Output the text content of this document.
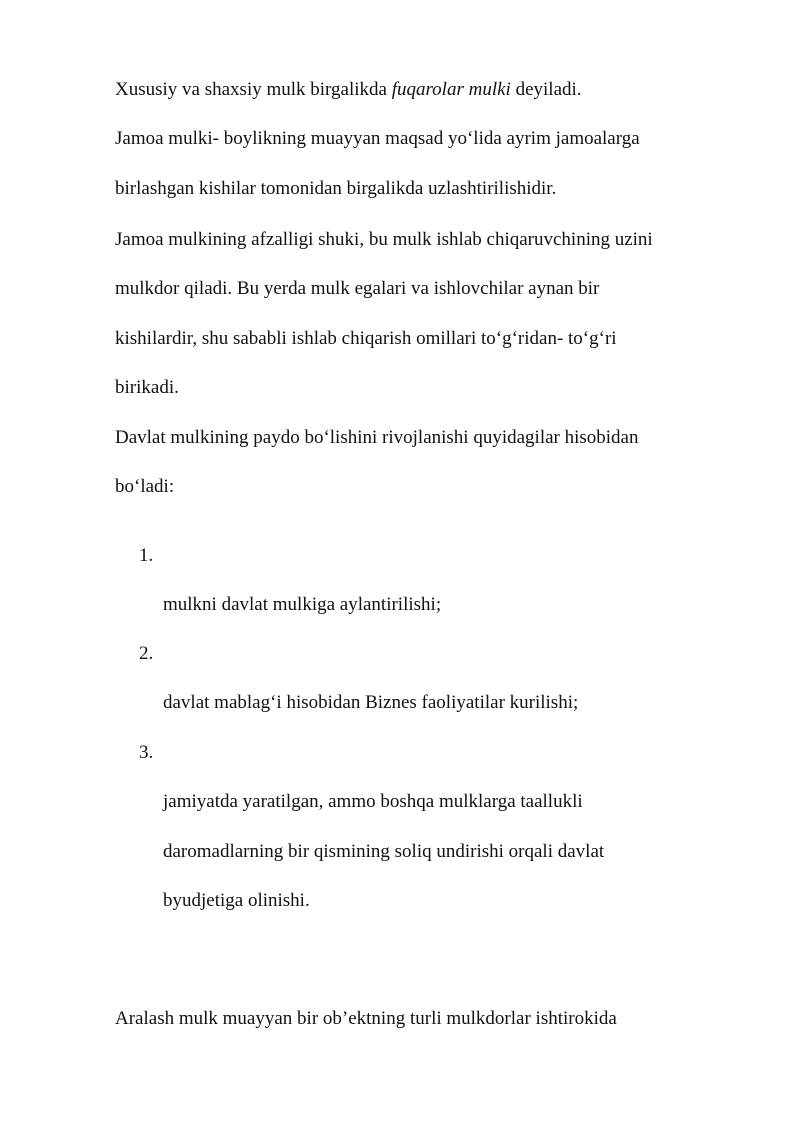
Xususiy va shaxsiy mulk birgalikda fuqarolar mulki deyiladi.
Jamoa mulki- boylikning muayyan maqsad yo‘lida ayrim jamoalarga
birlashgan kishilar tomonidan birgalikda uzlashtirilishidir.
Jamoa mulkining afzalligi shuki, bu mulk ishlab chiqaruvchining uzini
mulkdor qiladi. Bu yerda mulk egalari va ishlovchilar aynan bir
kishilardir, shu sababli ishlab chiqarish omillari to‘g‘ridan- to‘g‘ri
birikadi.
Davlat mulkining paydo bo‘lishini rivojlanishi quyidagilar hisobidan
bo‘ladi:
1.
mulkni davlat mulkiga aylantirilishi;
2.
davlat mablag‘i hisobidan Biznes faoliyatilar kurilishi;
3.
jamiyatda yaratilgan, ammo boshqa mulklarga taallukli
daromadlarning bir qismining soliq undirishi orqali davlat
byudjetiga olinishi.
Aralash mulk muayyan bir ob’ektning turli mulkdorlar ishtirokida
